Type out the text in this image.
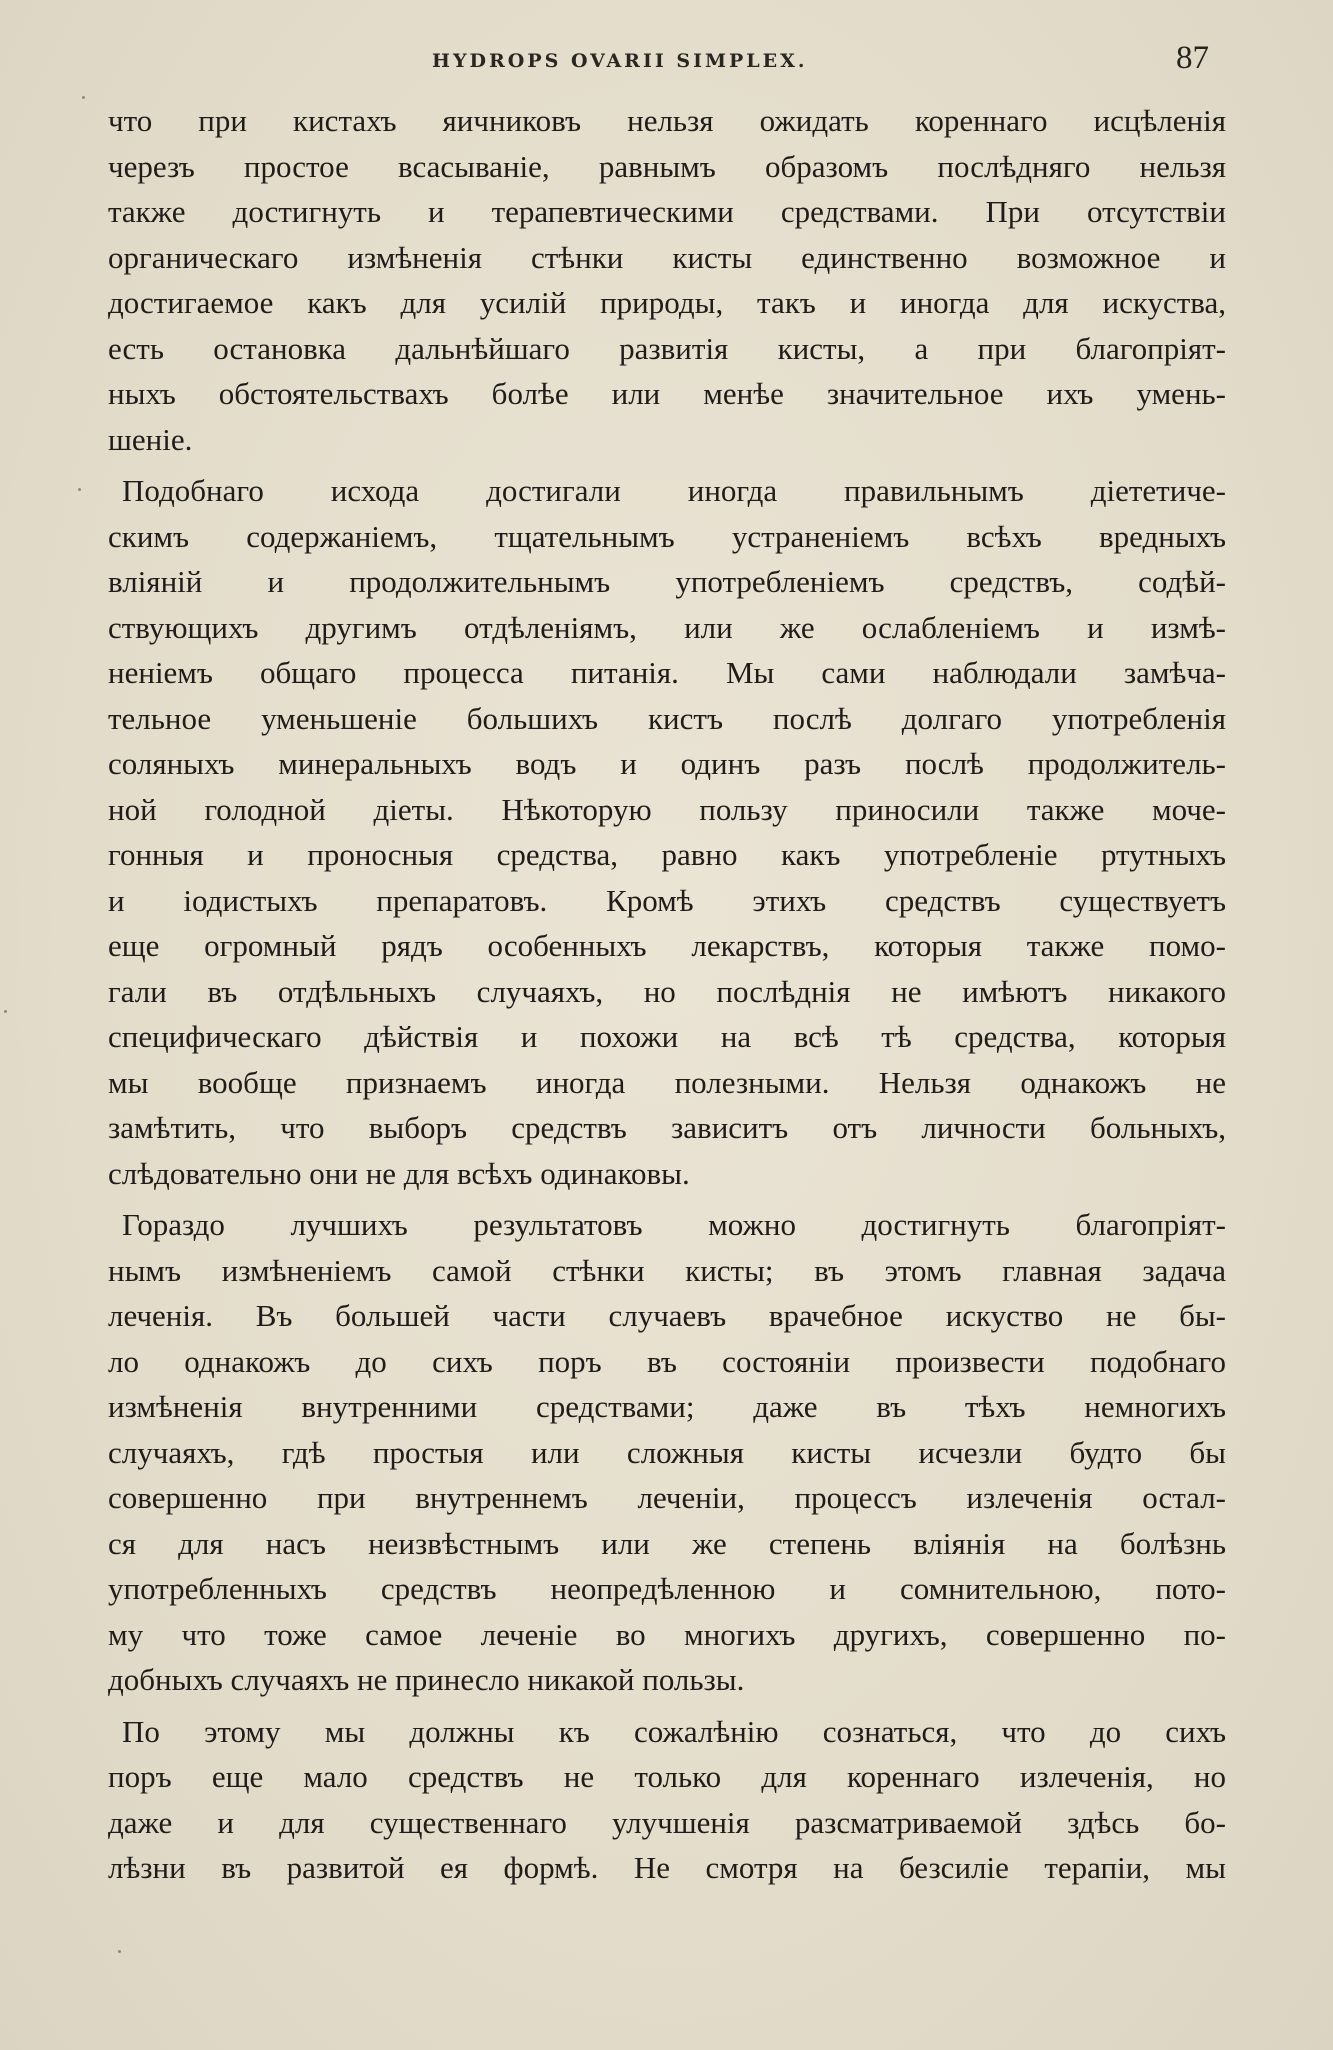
HYDROPS OVARII SIMPLEX.	87
что при кистахъ яичниковъ нельзя ожидать кореннаго исцѣленія
черезъ простое всасываніе, равнымъ образомъ послѣдняго нельзя
также достигнуть и терапевтическими средствами. При отсутствіи
органическаго измѣненія стѣнки кисты единственно возможное и
достигаемое какъ для усилій природы, такъ и иногда для искуства,
есть остановка дальнѣйшаго развитія кисты, а при благопріят-
ныхъ обстоятельствахъ болѣе или менѣе значительное ихъ умень-
шеніе.
Подобнаго исхода достигали иногда правильнымъ діететиче-
скимъ содержаніемъ, тщательнымъ устраненіемъ всѣхъ вредныхъ
вліяній и продолжительнымъ употребленіемъ средствъ, содѣй-
ствующихъ другимъ отдѣленіямъ, или же ослабленіемъ и измѣ-
неніемъ общаго процесса питанія. Мы сами наблюдали замѣча-
тельное уменьшеніе большихъ кистъ послѣ долгаго употребленія
соляныхъ минеральныхъ водъ и одинъ разъ послѣ продолжитель-
ной голодной діеты. Нѣкоторую пользу приносили также моче-
гонныя и проносныя средства, равно какъ употребленіе ртутныхъ
и іодистыхъ препаратовъ. Кромѣ этихъ средствъ существуетъ
еще огромный рядъ особенныхъ лекарствъ, которыя также помо-
гали въ отдѣльныхъ случаяхъ, но послѣднія не имѣютъ никакого
специфическаго дѣйствія и похожи на всѣ тѣ средства, которыя
мы вообще признаемъ иногда полезными. Нельзя однакожъ не
замѣтить, что выборъ средствъ зависитъ отъ личности больныхъ,
слѣдовательно они не для всѣхъ одинаковы.
Гораздо лучшихъ результатовъ можно достигнуть благопріят-
нымъ измѣненіемъ самой стѣнки кисты; въ этомъ главная задача
леченія. Въ большей части случаевъ врачебное искуство не бы-
ло однакожъ до сихъ поръ въ состояніи произвести подобнаго
измѣненія внутренними средствами; даже въ тѣхъ немногихъ
случаяхъ, гдѣ простыя или сложныя кисты исчезли будто бы
совершенно при внутреннемъ леченіи, процессъ излеченія остал-
ся для насъ неизвѣстнымъ или же степень вліянія на болѣзнь
употребленныхъ средствъ неопредѣленною и сомнительною, пото-
му что тоже самое леченіе во многихъ другихъ, совершенно по-
добныхъ случаяхъ не принесло никакой пользы.
По этому мы должны къ сожалѣнію сознаться, что до сихъ
поръ еще мало средствъ не только для кореннаго излеченія, но
даже и для существеннаго улучшенія разсматриваемой здѣсь бо-
лѣзни въ развитой ея формѣ. Не смотря на безсиліе терапіи, мы
